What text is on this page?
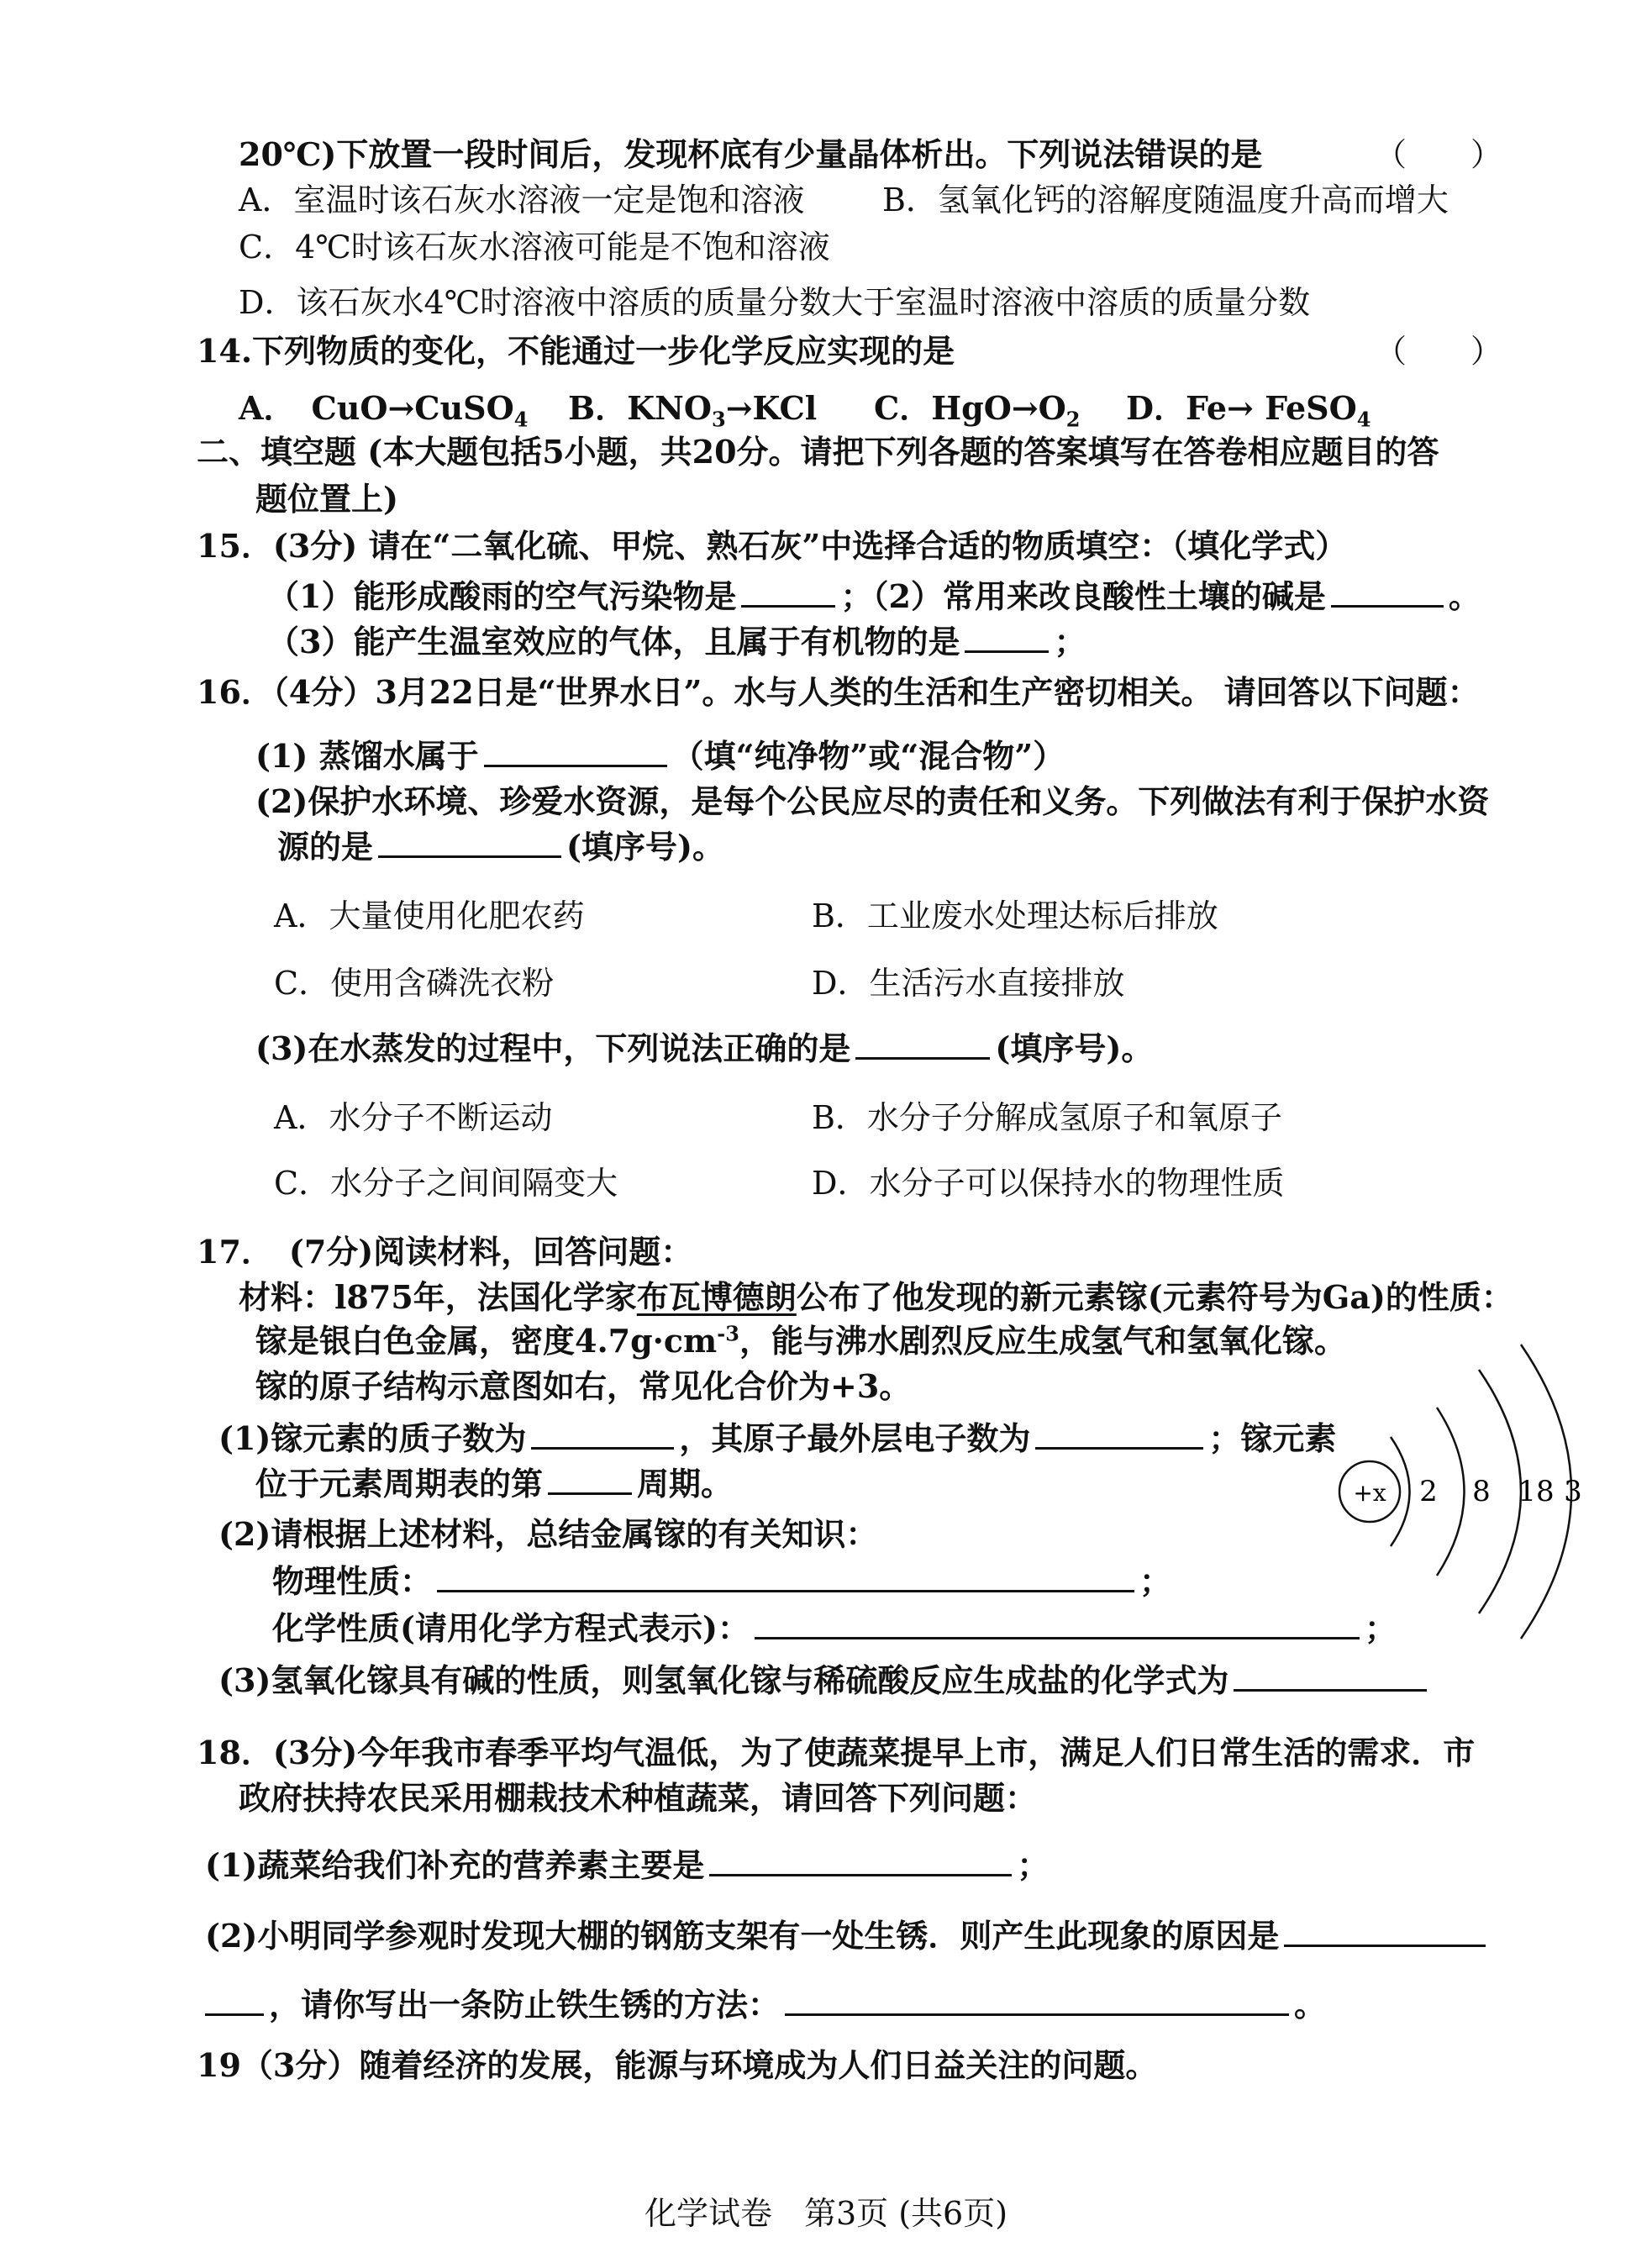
20℃)下放置一段时间后，发现杯底有少量晶体析出。下列说法错误的是	（　　）
A．室温时该石灰水溶液一定是饱和溶液 B．氢氧化钙的溶解度随温度升高而增大
C．4℃时该石灰水溶液可能是不饱和溶液
D．该石灰水4℃时溶液中溶质的质量分数大于室温时溶液中溶质的质量分数
14.下列物质的变化，不能通过一步化学反应实现的是	（　　）
A．　CuO→CuSO$_4$ B．$KNO_3\to KCl$ C．$HgO\to O_2$ D．Fe→ FeSO$_4$
二、填空题 (本大题包括5小题，共20分。请把下列各题的答案填写在答卷相应题目的答
题位置上)
15．(3分) 请在“二氧化硫、甲烷、熟石灰”中选择合适的物质填空：（填化学式）
（1）能形成酸雨的空气污染物是	；（2）常用来改良酸性土壤的碱是	。
（3）能产生温室效应的气体，且属于有机物的是	；
16．（4分）3月22日是“世界水日”。水与人类的生活和生产密切相关。 请回答以下问题：
(1) 蒸馏水属于	（填“纯净物”或“混合物”）
(2)保护水环境、珍爱水资源，是每个公民应尽的责任和义务。下列做法有利于保护水资
源的是	(填序号)。
A．大量使用化肥农药	B．工业废水处理达标后排放
C．使用含磷洗衣粉	D．生活污水直接排放
(3)在水蒸发的过程中，下列说法正确的是	(填序号)。
A．水分子不断运动	B．水分子分解成氢原子和氧原子
C．水分子之间间隔变大	D．水分子可以保持水的物理性质
17．　(7分)阅读材料，回答问题：
材料：l875年，法国化学家布瓦博德朗公布了他发现的新元素镓(元素符号为Ga)的性质：
镓是银白色金属，密度$4.7g\cdot cm^{-3}$，能与沸水剧烈反应生成氢气和氢氧化镓。
镓的原子结构示意图如右，常见化合价为+3。
(1)镓元素的质子数为	，其原子最外层电子数为	；镓元素
位于元素周期表的第	周期。
(2)请根据上述材料，总结金属镓的有关知识：
物理性质：	；
化学性质(请用化学方程式表示)：	；
(3)氢氧化镓具有碱的性质，则氢氧化镓与稀硫酸反应生成盐的化学式为
+x 2 8 18 3
18．(3分)今年我市春季平均气温低，为了使蔬菜提早上市，满足人们日常生活的需求．市
政府扶持农民采用棚栽技术种植蔬菜，请回答下列问题：
(1)蔬菜给我们补充的营养素主要是	；
(2)小明同学参观时发现大棚的钢筋支架有一处生锈．则产生此现象的原因是
，请你写出一条防止铁生锈的方法：	。
19（3分）随着经济的发展，能源与环境成为人们日益关注的问题。
化学试卷　第3页 (共6页)
